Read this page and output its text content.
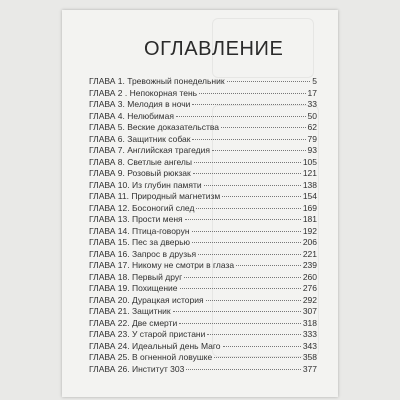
ОГЛАВЛЕНИЕ
ГЛАВА 1. Тревожный понедельник	5
ГЛАВА 2 . Непокорная тень	17
ГЛАВА 3. Мелодия в ночи	33
ГЛАВА 4. Нелюбимая	50
ГЛАВА 5. Веские доказательства	62
ГЛАВА 6. Защитник собак	79
ГЛАВА 7. Английская трагедия	93
ГЛАВА 8. Светлые ангелы	105
ГЛАВА 9. Розовый рюкзак	121
ГЛАВА 10. Из глубин памяти	138
ГЛАВА 11. Природный магнетизм	154
ГЛАВА 12. Босоногий след	169
ГЛАВА 13. Прости меня	181
ГЛАВА 14. Птица-говорун	192
ГЛАВА 15. Пес за дверью	206
ГЛАВА 16. Запрос в друзья	221
ГЛАВА 17. Никому не смотри в глаза	239
ГЛАВА 18. Первый друг	260
ГЛАВА 19. Похищение	276
ГЛАВА 20. Дурацкая история	292
ГЛАВА 21. Защитник	307
ГЛАВА 22. Две смерти	318
ГЛАВА 23. У старой пристани	333
ГЛАВА 24. Идеальный день Маго	343
ГЛАВА 25. В огненной ловушке	358
ГЛАВА 26. Институт 303	377
